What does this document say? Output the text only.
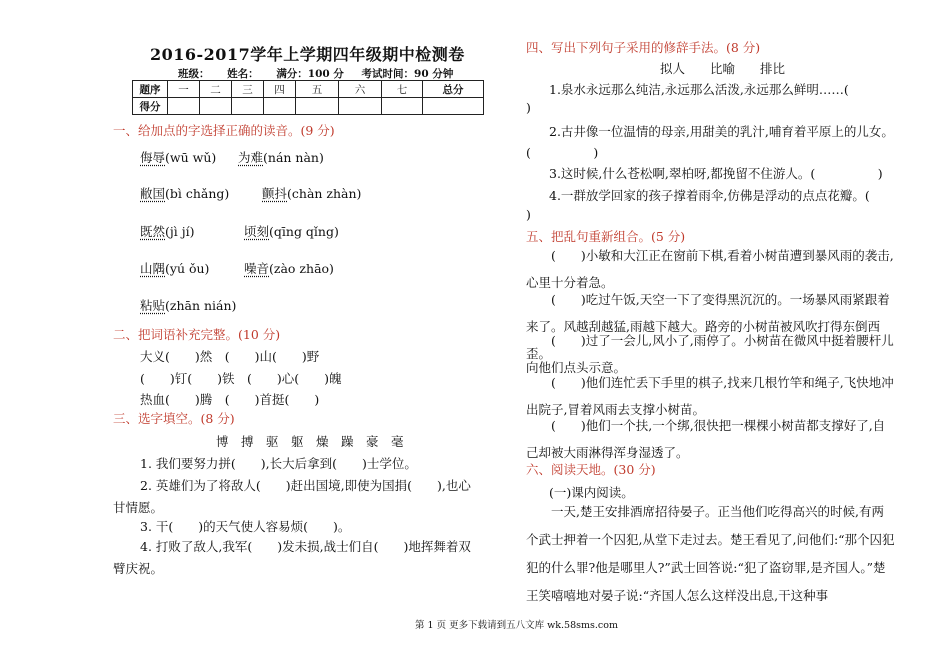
2016-2017学年上学期四年级期中检测卷
班级： 姓名： 满分：100 分 考试时间：90 分钟
题序	一	二	三	四	五	六	七	总分
得分								
一、给加点的字选择正确的读音。(9 分)
侮辱(wū wǔ) 为难(nán nàn)
敝国(bì chǎng)	颤抖(chàn zhàn)
既然(jì jí)	顷刻(qīng qǐng)
山隅(yú ǒu)	噪音(zào zhāo)
粘贴(zhān nián)
二、把词语补充完整。(10 分)
大义(　　)然　(　　)山(　　)野
(　　)钉(　　)铁　(　　)心(　　)魄
热血(　　)腾　(　　)首挺(　　)
三、选字填空。(8 分)
博　搏　驱　躯　燥　躁　豪　毫
1. 我们要努力拼(　　),长大后拿到(　　)士学位。
2. 英雄们为了将敌人(　　)赶出国境,即使为国捐(　　),也心
甘情愿。
3. 干(　　)的天气使人容易烦(　　)。
4. 打败了敌人,我军(　　)发未损,战士们自(　　)地挥舞着双
臂庆祝。
四、写出下列句子采用的修辞手法。(8 分)
拟人　　比喻　　排比
1.泉水永远那么纯洁,永远那么活泼,永远那么鲜明……(
)
2.古井像一位温情的母亲,用甜美的乳汁,哺育着平原上的儿女。
(　　　　　)
3.这时候,什么苍松啊,翠柏呀,都挽留不住游人。(　　　　　)
4.一群放学回家的孩子撑着雨伞,仿佛是浮动的点点花瓣。(
)
五、把乱句重新组合。(5 分)
(　　)小敏和大江正在窗前下棋,看着小树苗遭到暴风雨的袭击,心里十分着急。
(　　)吃过午饭,天空一下了变得黑沉沉的。一场暴风雨紧跟着来了。风越刮越猛,雨越下越大。路旁的小树苗被风吹打得东倒西歪。
(　　)过了一会儿,风小了,雨停了。小树苗在微风中挺着腰杆儿向他们点头示意。
(　　)他们连忙丢下手里的棋子,找来几根竹竿和绳子,飞快地冲出院子,冒着风雨去支撑小树苗。
(　　)他们一个扶,一个绑,很快把一棵棵小树苗都支撑好了,自己却被大雨淋得浑身湿透了。
六、阅读天地。(30 分)
(一)课内阅读。
一天,楚王安排酒席招待晏子。正当他们吃得高兴的时候,有两个武士押着一个囚犯,从堂下走过去。楚王看见了,问他们:“那个囚犯犯的什么罪?他是哪里人?”武士回答说:“犯了盗窃罪,是齐国人。”楚王笑嘻嘻地对晏子说:“齐国人怎么这样没出息,干这种事
第 1 页 更多下载请到五八文库 wk.58sms.com
